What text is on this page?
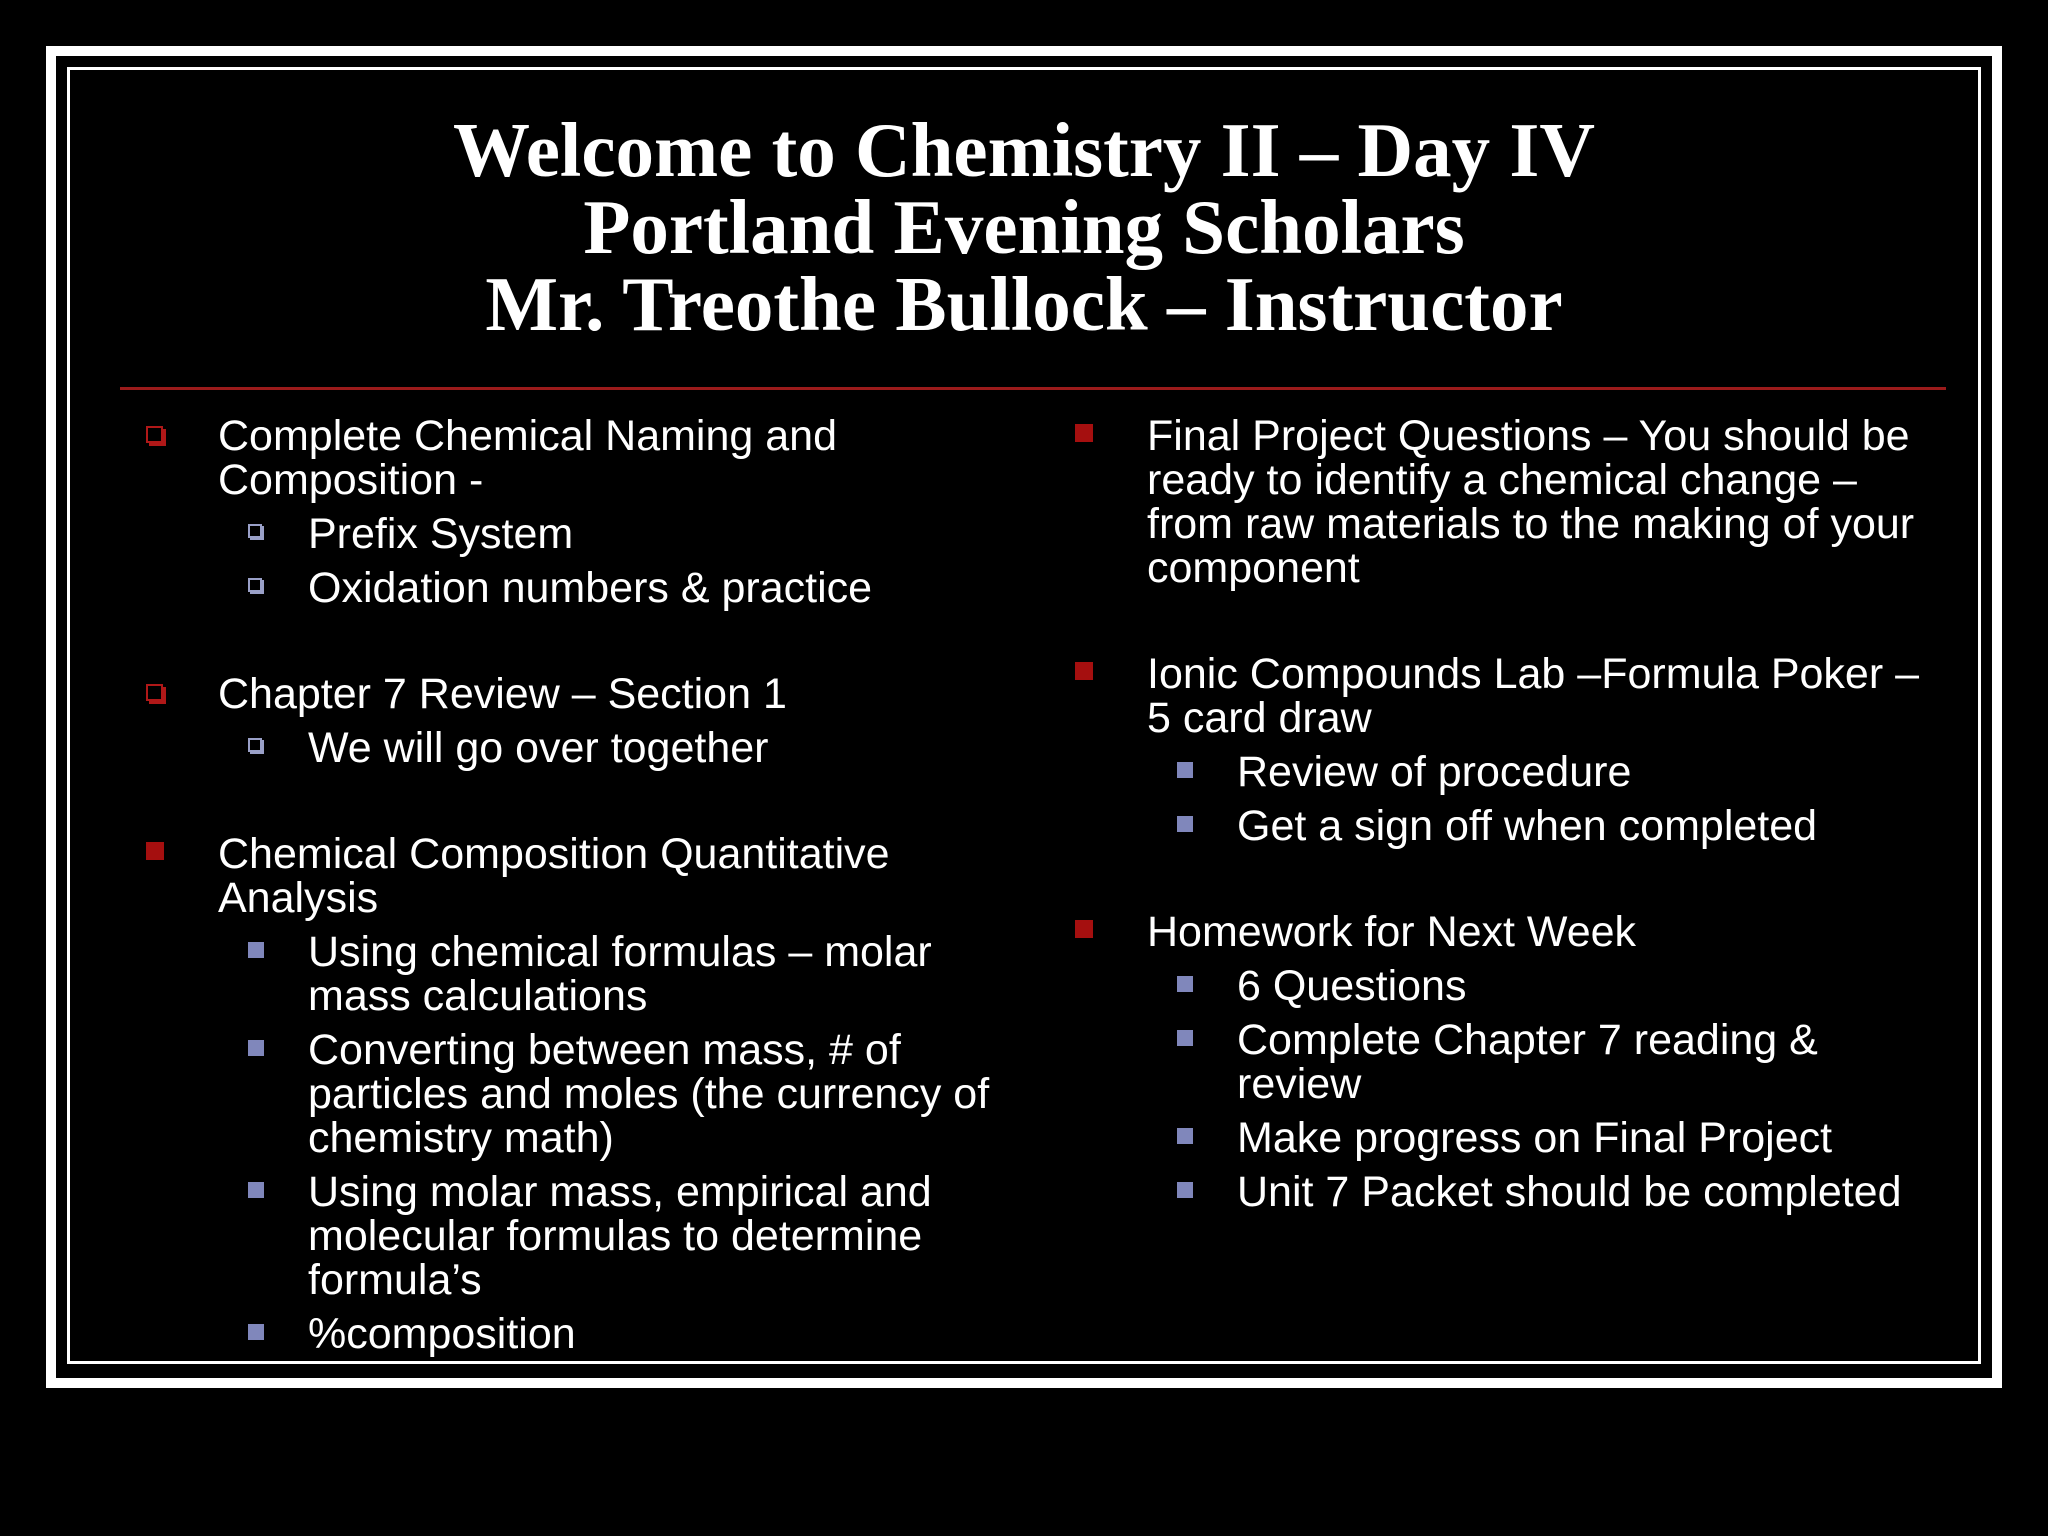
Welcome to Chemistry II – Day IV
Portland Evening Scholars
Mr. Treothe Bullock – Instructor
Complete Chemical Naming and Composition -
Prefix System
Oxidation numbers & practice
Chapter 7 Review – Section 1
We will go over together
Chemical Composition Quantitative Analysis
Using chemical formulas – molar mass calculations
Converting between mass, # of particles and moles (the currency of chemistry math)
Using molar mass, empirical and molecular formulas to determine formula’s
%composition
Final Project Questions – You should be ready to identify a chemical change – from raw materials to the making of your component
Ionic Compounds Lab –Formula Poker – 5 card draw
Review of procedure
Get a sign off when completed
Homework for Next Week
6 Questions
Complete Chapter 7 reading & review
Make progress on Final Project
Unit 7 Packet should be completed
